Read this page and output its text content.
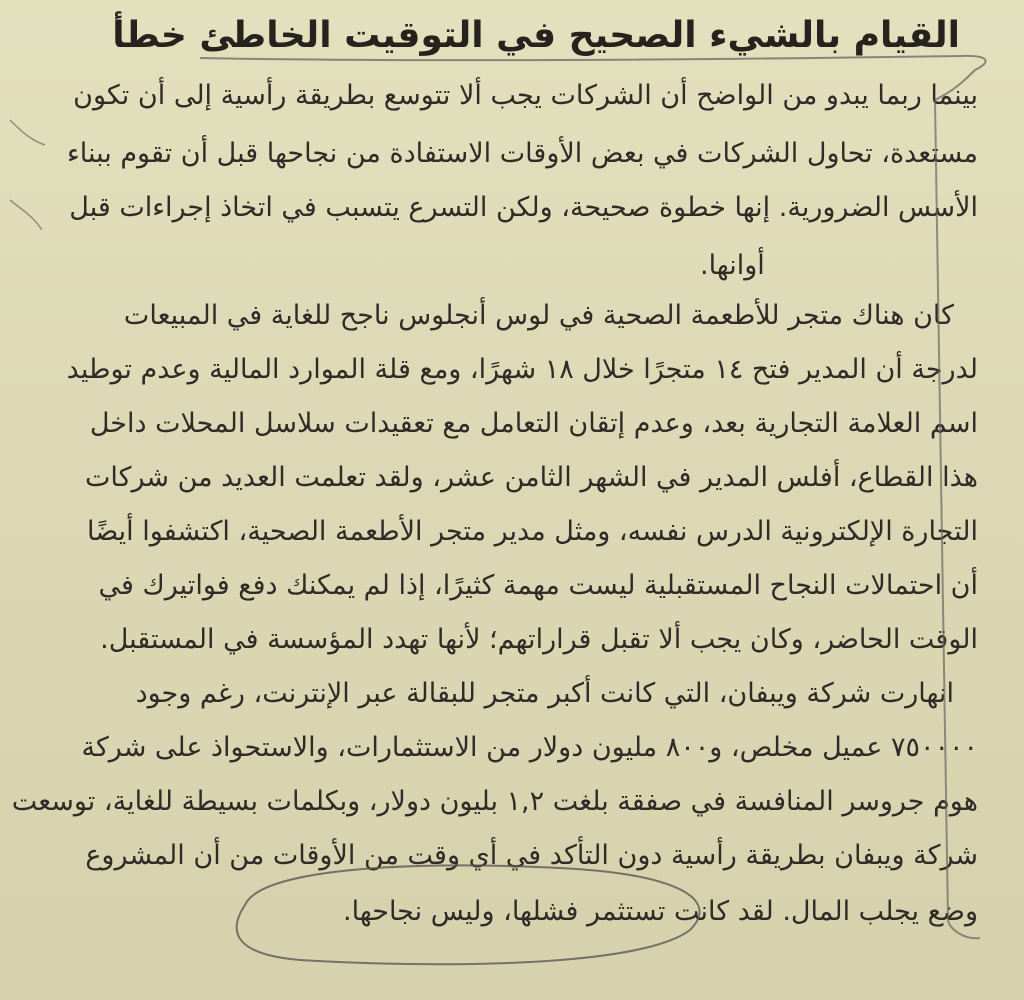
القيام بالشيء الصحيح في التوقيت الخاطئ خطأ
بينما ربما يبدو من الواضح أن الشركات يجب ألا تتوسع بطريقة رأسية إلى أن تكون
مستعدة، تحاول الشركات في بعض الأوقات الاستفادة من نجاحها قبل أن تقوم ببناء
الأسس الضرورية. إنها خطوة صحيحة، ولكن التسرع يتسبب في اتخاذ إجراءات قبل
أوانها.
كان هناك متجر للأطعمة الصحية في لوس أنجلوس ناجح للغاية في المبيعات
لدرجة أن المدير فتح ١٤ متجرًا خلال ١٨ شهرًا، ومع قلة الموارد المالية وعدم توطيد
اسم العلامة التجارية بعد، وعدم إتقان التعامل مع تعقيدات سلاسل المحلات داخل
هذا القطاع، أفلس المدير في الشهر الثامن عشر، ولقد تعلمت العديد من شركات
التجارة الإلكترونية الدرس نفسه، ومثل مدير متجر الأطعمة الصحية، اكتشفوا أيضًا
أن احتمالات النجاح المستقبلية ليست مهمة كثيرًا، إذا لم يمكنك دفع فواتيرك في
الوقت الحاضر، وكان يجب ألا تقبل قراراتهم؛ لأنها تهدد المؤسسة في المستقبل.
انهارت شركة ويبفان، التي كانت أكبر متجر للبقالة عبر الإنترنت، رغم وجود
٧٥٠٠٠٠ عميل مخلص، و٨٠٠ مليون دولار من الاستثمارات، والاستحواذ على شركة
هوم جروسر المنافسة في صفقة بلغت ١,٢ بليون دولار، وبكلمات بسيطة للغاية، توسعت
شركة ويبفان بطريقة رأسية دون التأكد في أي وقت من الأوقات من أن المشروع
وضع يجلب المال. لقد كانت تستثمر فشلها، وليس نجاحها.
